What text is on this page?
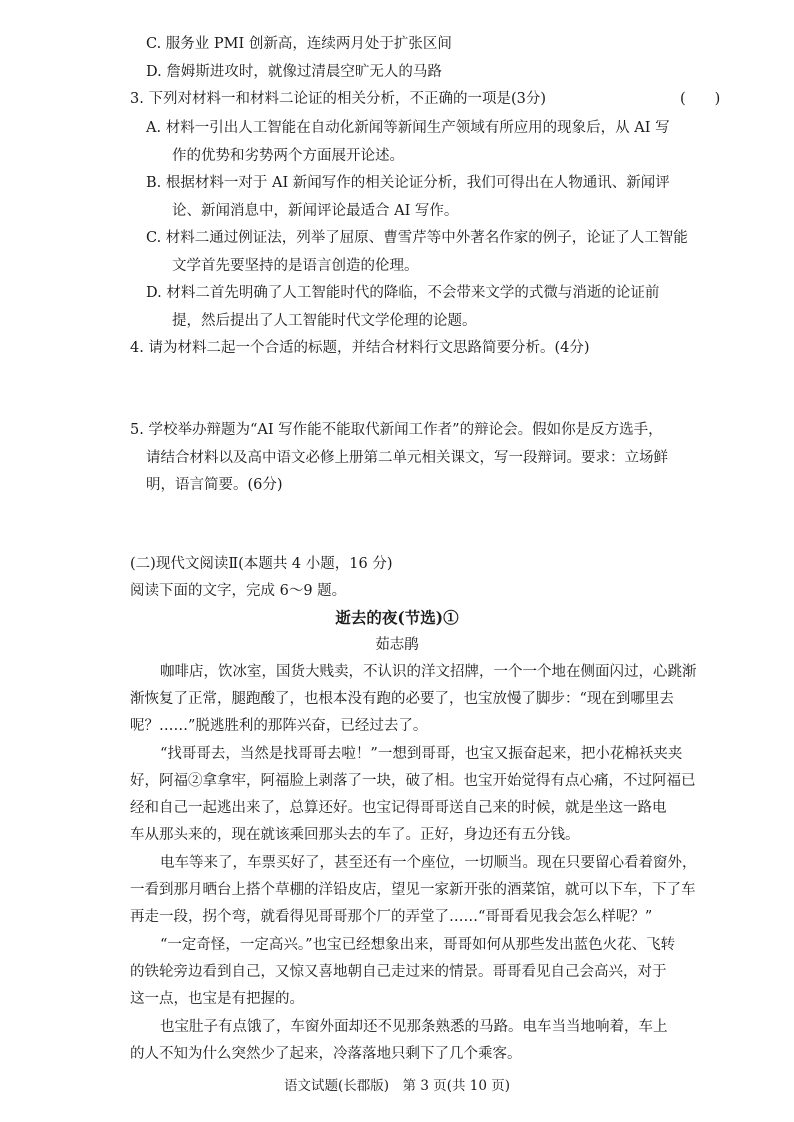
C. 服务业 PMI 创新高，连续两月处于扩张区间
D. 詹姆斯进攻时，就像过清晨空旷无人的马路
3. 下列对材料一和材料二论证的相关分析，不正确的一项是(3分)	(　　)
A. 材料一引出人工智能在自动化新闻等新闻生产领域有所应用的现象后，从 AI 写
作的优势和劣势两个方面展开论述。
B. 根据材料一对于 AI 新闻写作的相关论证分析，我们可得出在人物通讯、新闻评
论、新闻消息中，新闻评论最适合 AI 写作。
C. 材料二通过例证法，列举了屈原、曹雪芹等中外著名作家的例子，论证了人工智能
文学首先要坚持的是语言创造的伦理。
D. 材料二首先明确了人工智能时代的降临，不会带来文学的式微与消逝的论证前
提，然后提出了人工智能时代文学伦理的论题。
4. 请为材料二起一个合适的标题，并结合材料行文思路简要分析。(4分)
5. 学校举办辩题为“AI 写作能不能取代新闻工作者”的辩论会。假如你是反方选手，
请结合材料以及高中语文必修上册第二单元相关课文，写一段辩词。要求：立场鲜
明，语言简要。(6分)
(二)现代文阅读Ⅱ(本题共 4 小题，16 分)
阅读下面的文字，完成 6～9 题。
逝去的夜(节选)①
茹志鹃
咖啡店，饮冰室，国货大贱卖，不认识的洋文招牌，一个一个地在侧面闪过，心跳渐
渐恢复了正常，腿跑酸了，也根本没有跑的必要了，也宝放慢了脚步：“现在到哪里去
呢？……”脱逃胜利的那阵兴奋，已经过去了。
“找哥哥去，当然是找哥哥去啦！”一想到哥哥，也宝又振奋起来，把小花棉袄夹夹
好，阿福②拿拿牢，阿福脸上剥落了一块，破了相。也宝开始觉得有点心痛，不过阿福已
经和自己一起逃出来了，总算还好。也宝记得哥哥送自己来的时候，就是坐这一路电
车从那头来的，现在就该乘回那头去的车了。正好，身边还有五分钱。
电车等来了，车票买好了，甚至还有一个座位，一切顺当。现在只要留心看着窗外，
一看到那月晒台上搭个草棚的洋铅皮店，望见一家新开张的酒菜馆，就可以下车，下了车
再走一段，拐个弯，就看得见哥哥那个厂的弄堂了……“哥哥看见我会怎么样呢？”
“一定奇怪，一定高兴。”也宝已经想象出来，哥哥如何从那些发出蓝色火花、飞转
的铁轮旁边看到自己，又惊又喜地朝自己走过来的情景。哥哥看见自己会高兴，对于
这一点，也宝是有把握的。
也宝肚子有点饿了，车窗外面却还不见那条熟悉的马路。电车当当地响着，车上
的人不知为什么突然少了起来，冷落落地只剩下了几个乘客。
语文试题(长郡版)　第 3 页(共 10 页)
